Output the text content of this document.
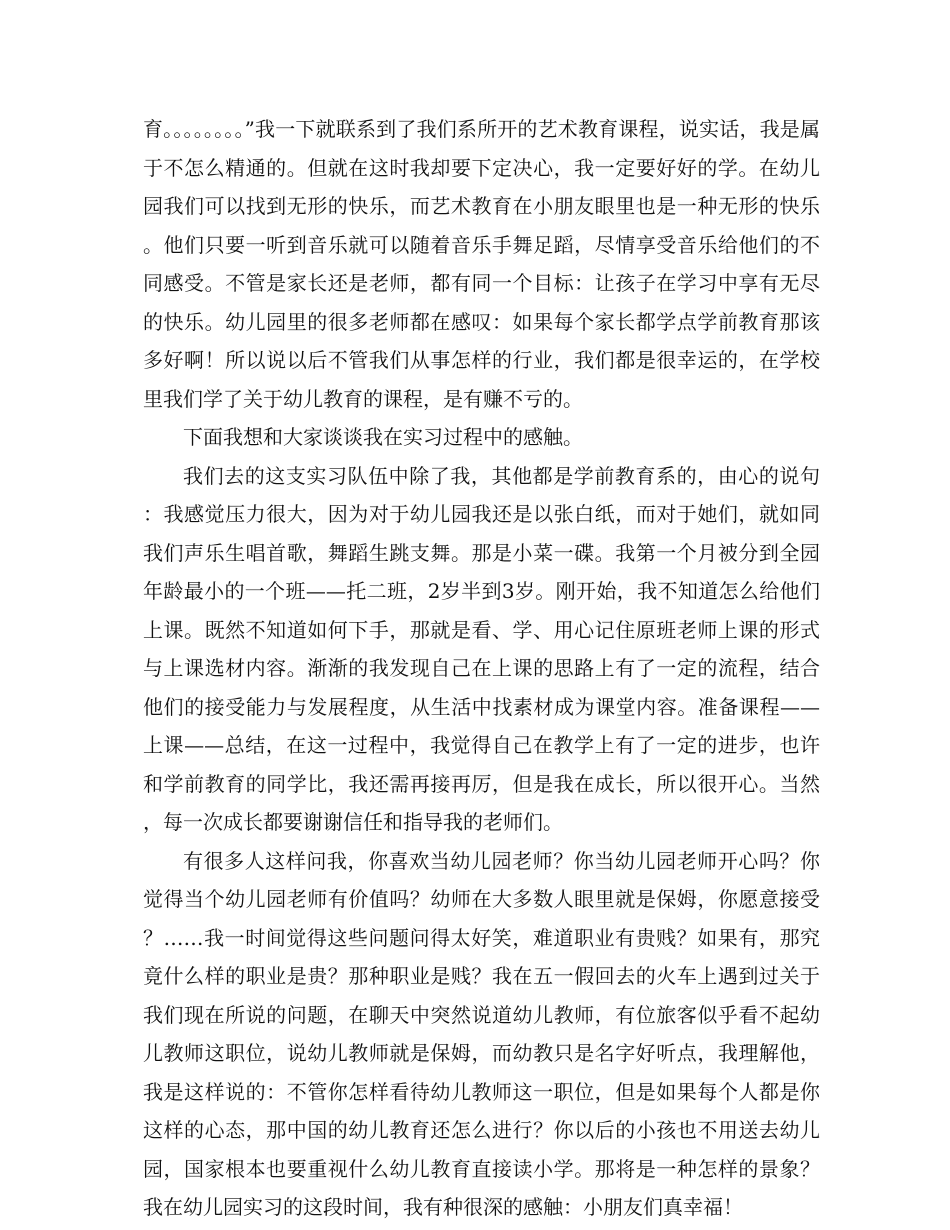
育。。。。。。。。”我一下就联系到了我们系所开的艺术教育课程，说实话，我是属于不怎么精通的。但就在这时我却要下定决心，我一定要好好的学。在幼儿园我们可以找到无形的快乐，而艺术教育在小朋友眼里也是一种无形的快乐。他们只要一听到音乐就可以随着音乐手舞足蹈，尽情享受音乐给他们的不同感受。不管是家长还是老师，都有同一个目标：让孩子在学习中享有无尽的快乐。幼儿园里的很多老师都在感叹：如果每个家长都学点学前教育那该多好啊！所以说以后不管我们从事怎样的行业，我们都是很幸运的，在学校里我们学了关于幼儿教育的课程，是有赚不亏的。

下面我想和大家谈谈我在实习过程中的感触。

我们去的这支实习队伍中除了我，其他都是学前教育系的，由心的说句：我感觉压力很大，因为对于幼儿园我还是以张白纸，而对于她们，就如同我们声乐生唱首歌，舞蹈生跳支舞。那是小菜一碟。我第一个月被分到全园年龄最小的一个班——托二班，2岁半到3岁。刚开始，我不知道怎么给他们上课。既然不知道如何下手，那就是看、学、用心记住原班老师上课的形式与上课选材内容。渐渐的我发现自己在上课的思路上有了一定的流程，结合他们的接受能力与发展程度，从生活中找素材成为课堂内容。准备课程——上课——总结，在这一过程中，我觉得自己在教学上有了一定的进步，也许和学前教育的同学比，我还需再接再厉，但是我在成长，所以很开心。当然，每一次成长都要谢谢信任和指导我的老师们。

有很多人这样问我，你喜欢当幼儿园老师？你当幼儿园老师开心吗？你觉得当个幼儿园老师有价值吗？幼师在大多数人眼里就是保姆，你愿意接受？……我一时间觉得这些问题问得太好笑，难道职业有贵贱？如果有，那究竟什么样的职业是贵？那种职业是贱？我在五一假回去的火车上遇到过关于我们现在所说的问题，在聊天中突然说道幼儿教师，有位旅客似乎看不起幼儿教师这职位，说幼儿教师就是保姆，而幼教只是名字好听点，我理解他，我是这样说的：不管你怎样看待幼儿教师这一职位，但是如果每个人都是你这样的心态，那中国的幼儿教育还怎么进行？你以后的小孩也不用送去幼儿园，国家根本也要重视什么幼儿教育直接读小学。那将是一种怎样的景象？我在幼儿园实习的这段时间，我有种很深的感触：小朋友们真幸福！
